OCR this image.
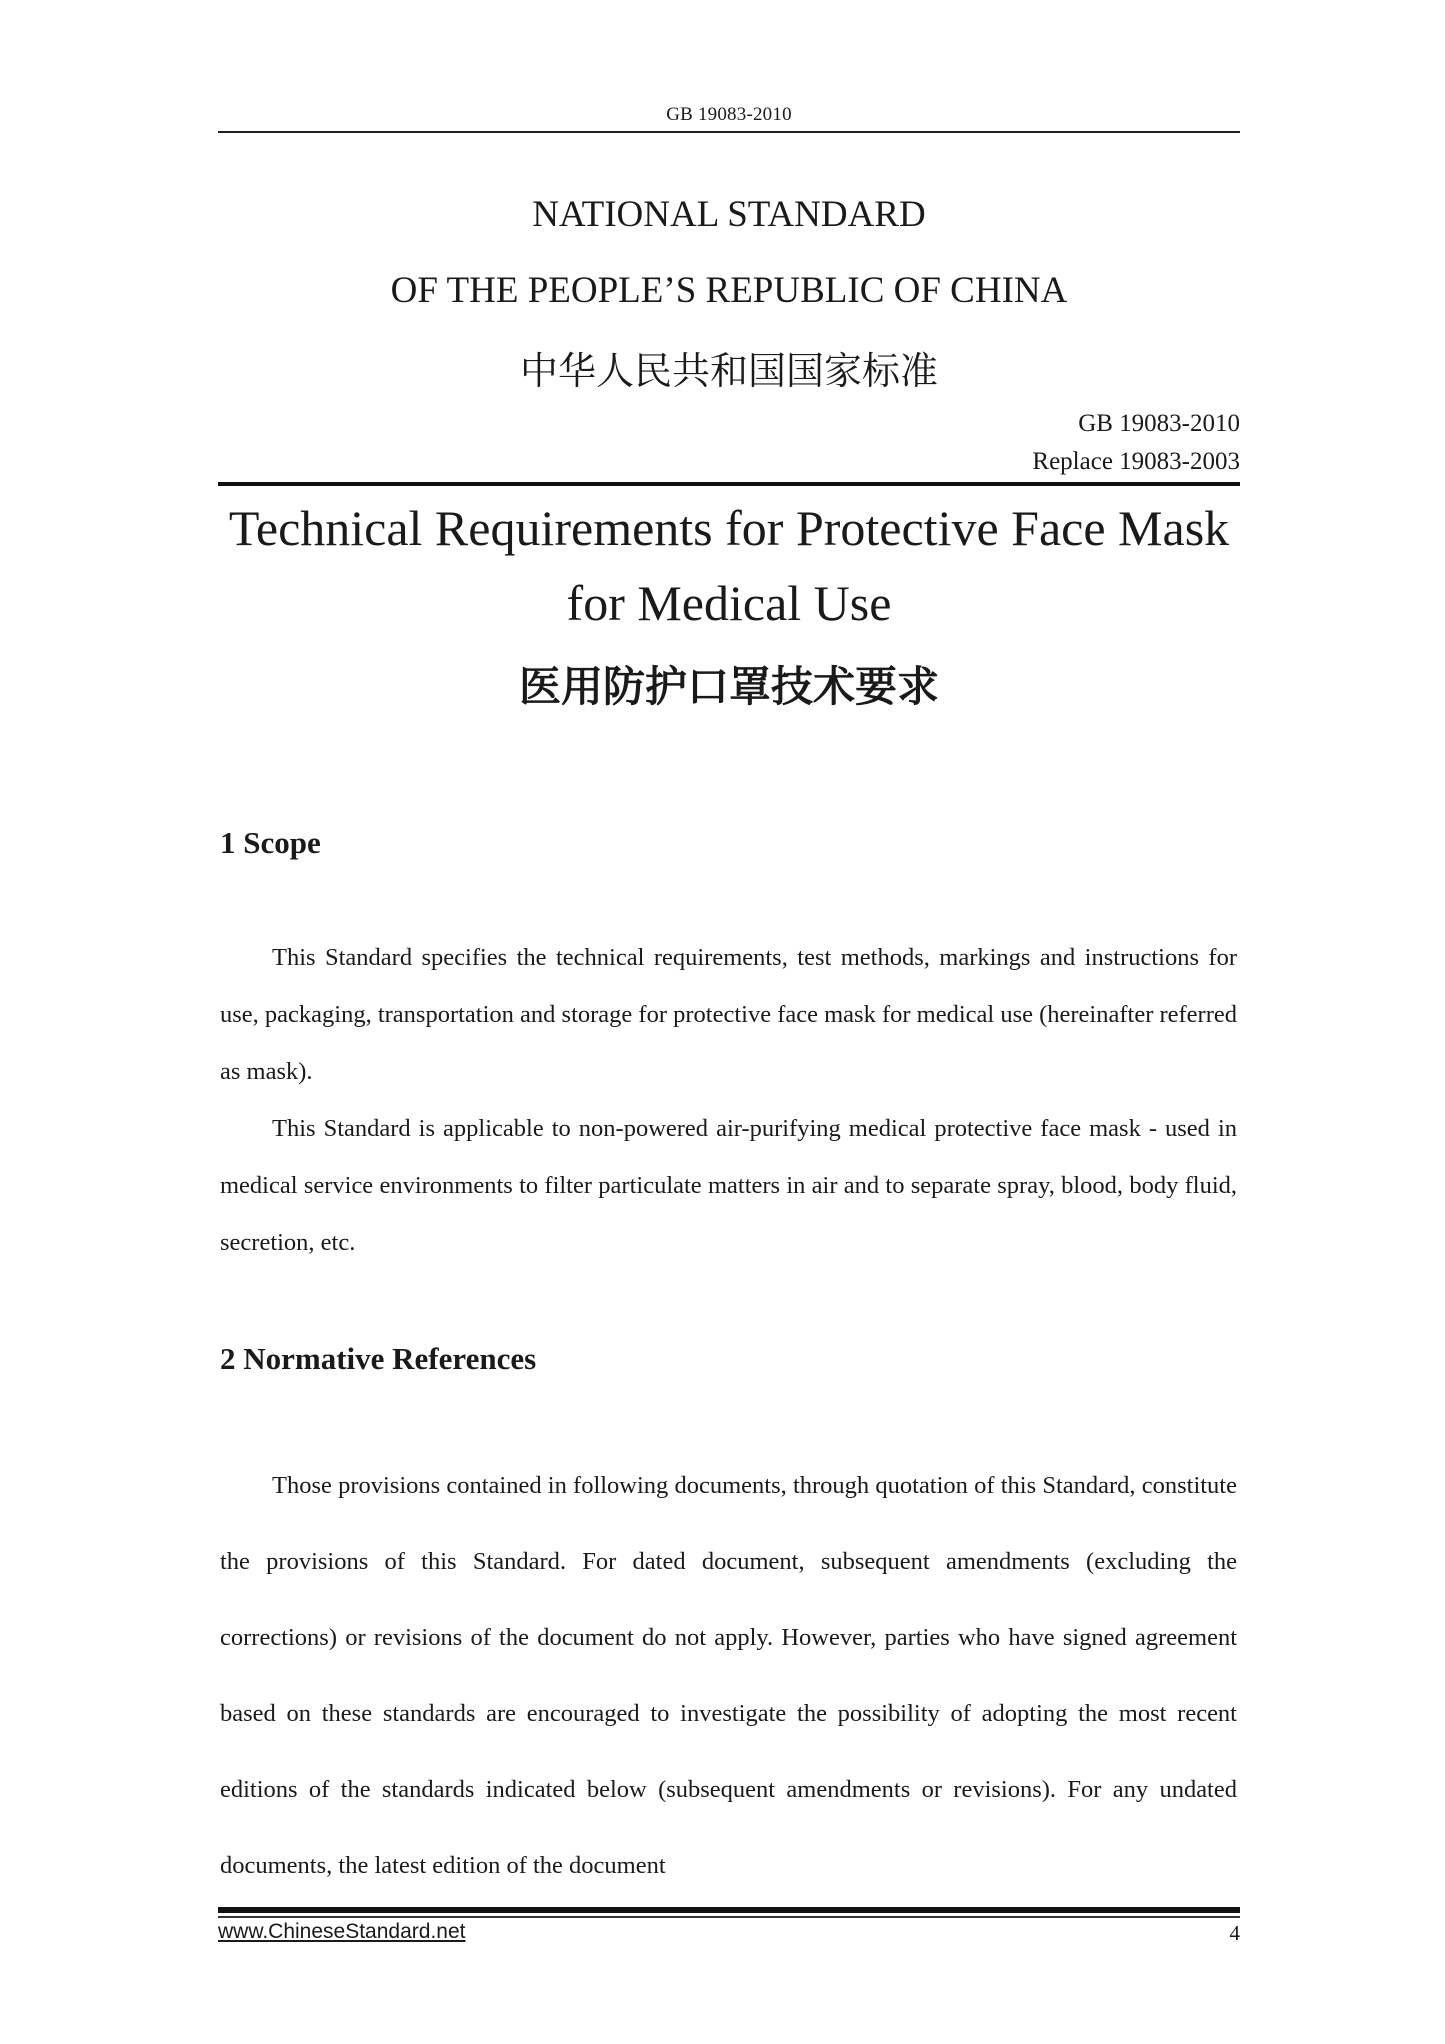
GB 19083-2010
NATIONAL STANDARD
OF THE PEOPLE’S REPUBLIC OF CHINA
中华人民共和国国家标准
GB 19083-2010
Replace 19083-2003
Technical Requirements for Protective Face Mask
for Medical Use
医用防护口罩技术要求
1 Scope

This Standard specifies the technical requirements, test methods, markings and instructions for use, packaging, transportation and storage for protective face mask for medical use (hereinafter referred as mask).

This Standard is applicable to non-powered air-purifying medical protective face mask - used in medical service environments to filter particulate matters in air and to separate spray, blood, body fluid, secretion, etc.

2 Normative References

Those provisions contained in following documents, through quotation of this Standard, constitute the provisions of this Standard. For dated document, subsequent amendments (excluding the corrections) or revisions of the document do not apply. However, parties who have signed agreement based on these standards are encouraged to investigate the possibility of adopting the most recent editions of the standards indicated below (subsequent amendments or revisions). For any undated documents, the latest edition of the document

www.ChineseStandard.net	4
